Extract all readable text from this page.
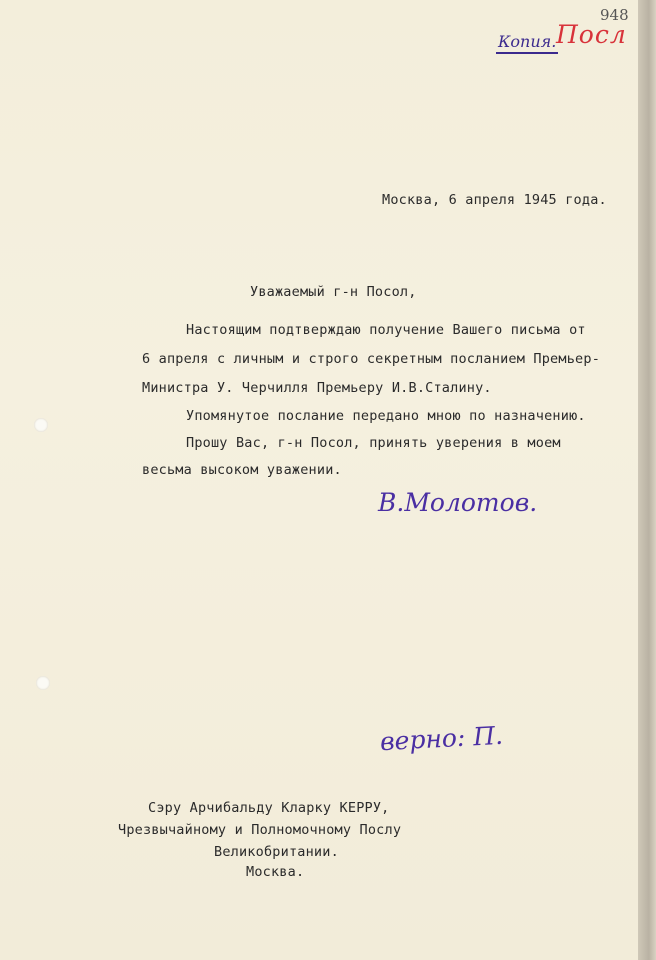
948
Копия. Посл
Москва, 6 апреля 1945 года.
Уважаемый г-н Посол,
Настоящим подтверждаю получение Вашего письма от
6 апреля с личным и строго секретным посланием Премьер-
Министра У. Черчилля Премьеру И.В.Сталину.
Упомянутое послание передано мною по назначению.
Прошу Вас, г-н Посол, принять уверения в моем
весьма высоком уважении.
В.Молотов.
верно: П.
Сэру Арчибальду Кларку КЕРРУ,
Чрезвычайному и Полномочному Послу
Великобритании.
Москва.
